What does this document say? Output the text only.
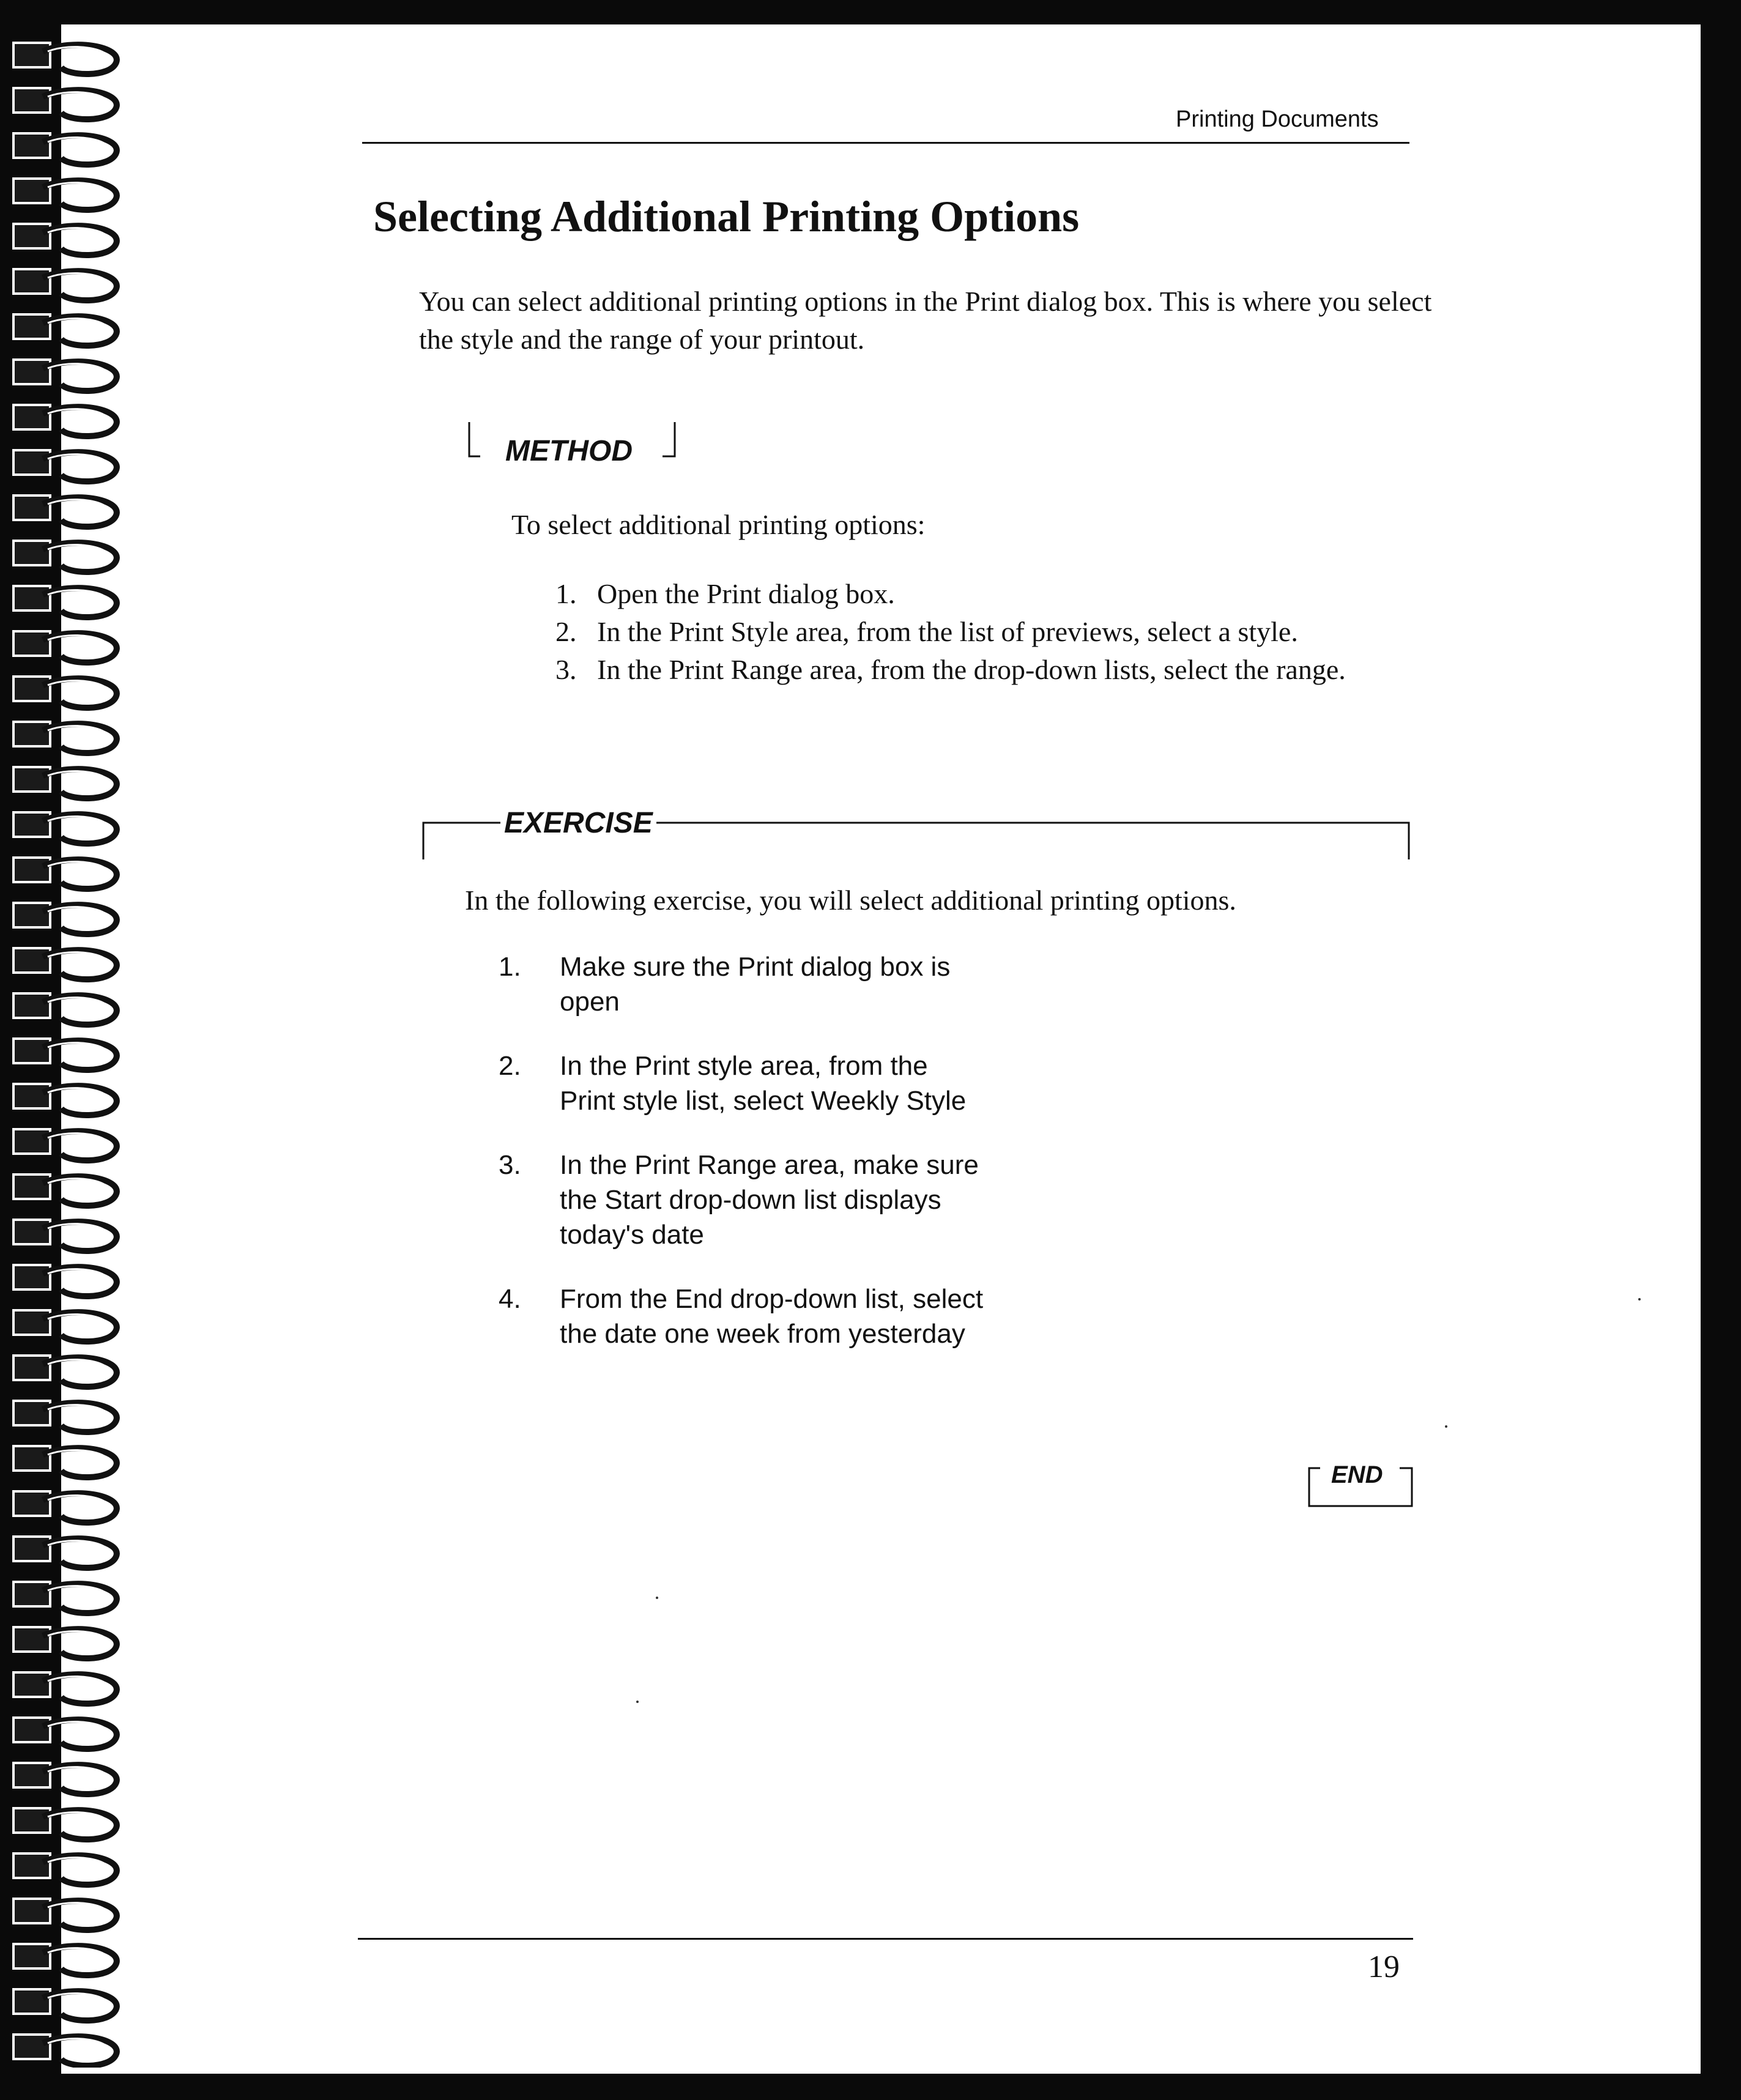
Printing Documents
Selecting Additional Printing Options

You can select additional printing options in the Print dialog box. This is where you select the style and the range of your printout.

METHOD

To select additional printing options:

1. Open the Print dialog box.
2. In the Print Style area, from the list of previews, select a style.
3. In the Print Range area, from the drop-down lists, select the range.
EXERCISE

In the following exercise, you will select additional printing options.

1. Make sure the Print dialog box is open
2. In the Print style area, from the Print style list, select Weekly Style
3. In the Print Range area, make sure the Start drop-down list displays today's date
4. From the End drop-down list, select the date one week from yesterday
END
19
